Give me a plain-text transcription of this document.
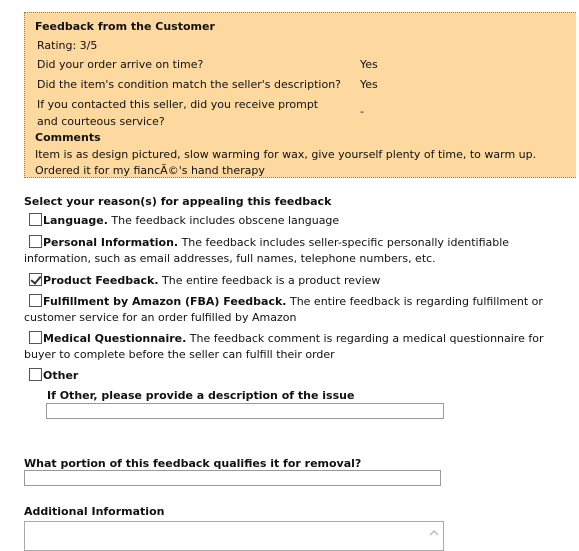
Feedback from the Customer
Rating: 3/5
Did your order arrive on time?	Yes
Did the item's condition match the seller's description? Yes
If you contacted this seller, did you receive prompt and courteous service?
-
Comments
Item is as design pictured, slow warming for wax, give yourself plenty of time, to warm up. Ordered it for my fiancÃ©'s hand therapy
Select your reason(s) for appealing this feedback
Language. The feedback includes obscene language
Personal Information. The feedback includes seller-specific personally identifiable information, such as email addresses, full names, telephone numbers, etc.
Product Feedback. The entire feedback is a product review
Fulfillment by Amazon (FBA) Feedback. The entire feedback is regarding fulfillment or customer service for an order fulfilled by Amazon
Medical Questionnaire. The feedback comment is regarding a medical questionnaire for buyer to complete before the seller can fulfill their order
Other
If Other, please provide a description of the issue
What portion of this feedback qualifies it for removal?
Additional Information
